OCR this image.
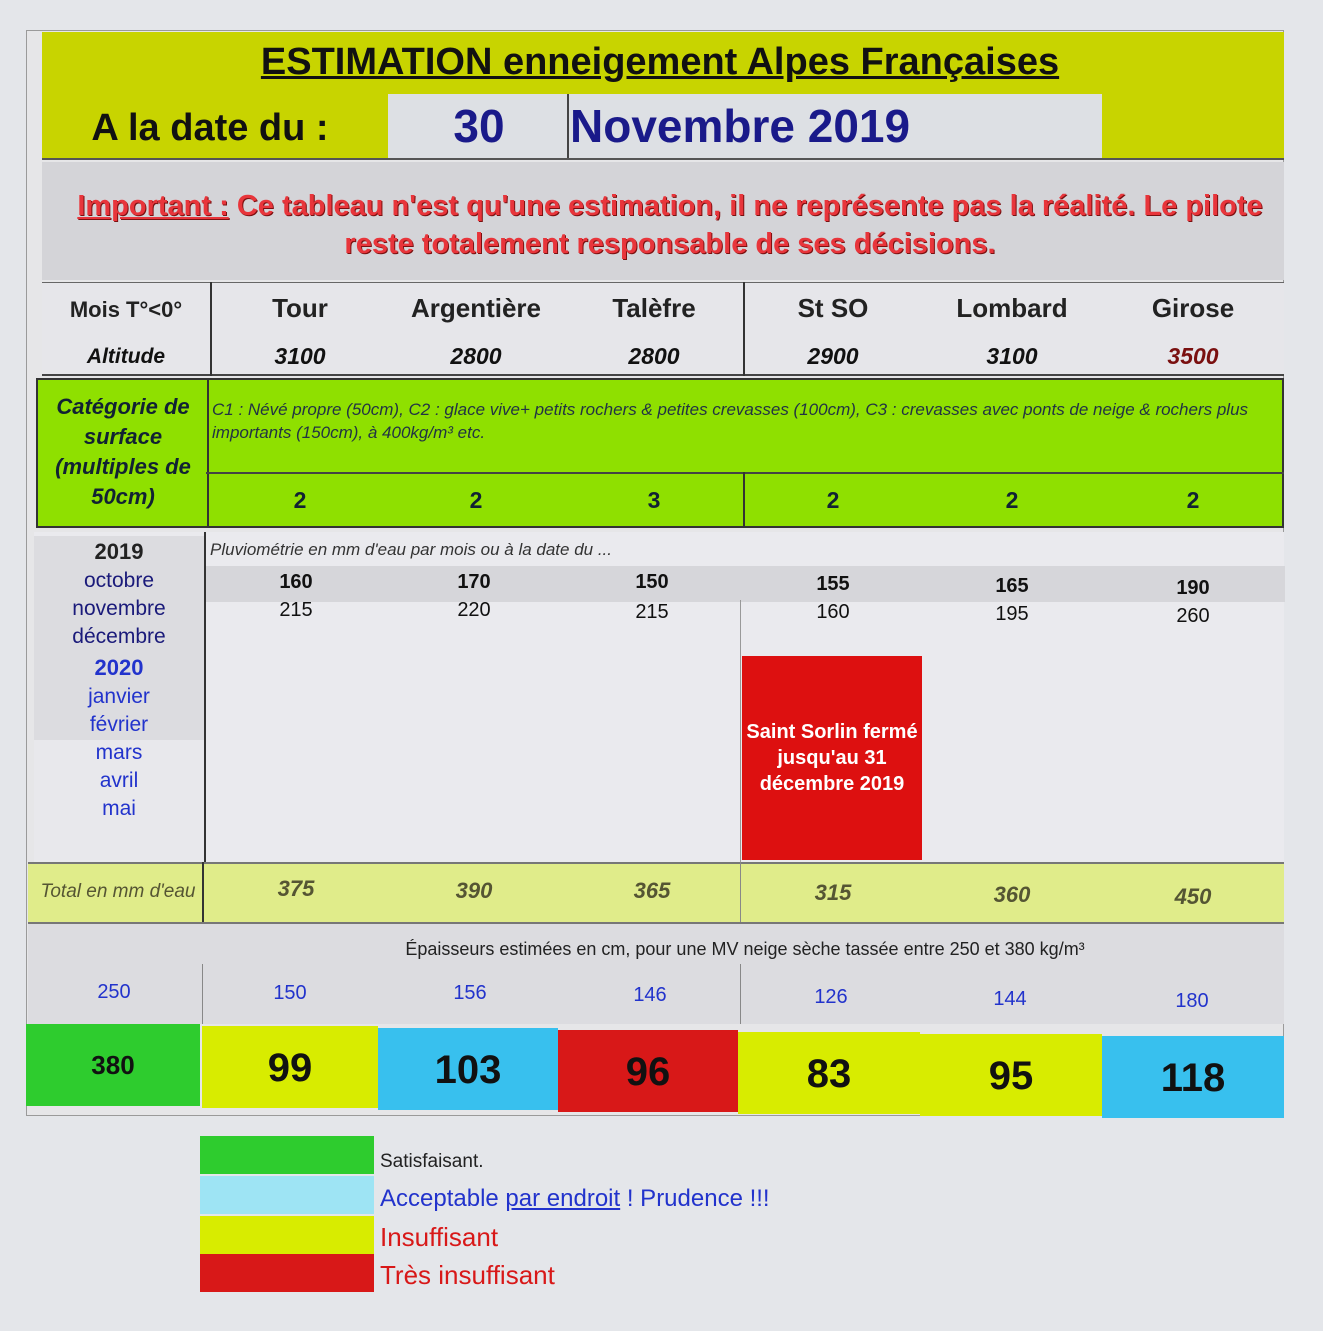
ESTIMATION enneigement Alpes Françaises
A la date du :	30	Novembre 2019
Important : Ce tableau n'est qu'une estimation, il ne représente pas la réalité. Le pilote reste totalement responsable de ses décisions.
Mois T°<0°
Altitude
Tour	Argentière	Talèfre	St SO	Lombard	Girose
3100	2800	2800	2900	3100	3500
Catégorie de surface (multiples de 50cm)
C1 : Névé propre (50cm), C2 : glace vive+ petits rochers & petites crevasses (100cm), C3 : crevasses avec ponts de neige & rochers plus importants (150cm), à 400kg/m³ etc.
2	2	3	2	2	2
Pluviométrie en mm d'eau par mois ou à la date du ...
2019
octobre
novembre
décembre
2020
janvier
février
mars
avril
mai
160	170	150	155	165	190
215	220	215	160	195	260
Saint Sorlin fermé jusqu'au 31 décembre 2019
Total en mm d'eau	375	390	365	315	360	450
Épaisseurs estimées en cm, pour une MV neige sèche tassée entre 250 et 380 kg/m³
250	150	156	146	126	144	180
380	99	103	96	83	95	118
Satisfaisant.
Acceptable
par endroit
! Prudence !!!
Insuffisant
Très insuffisant
